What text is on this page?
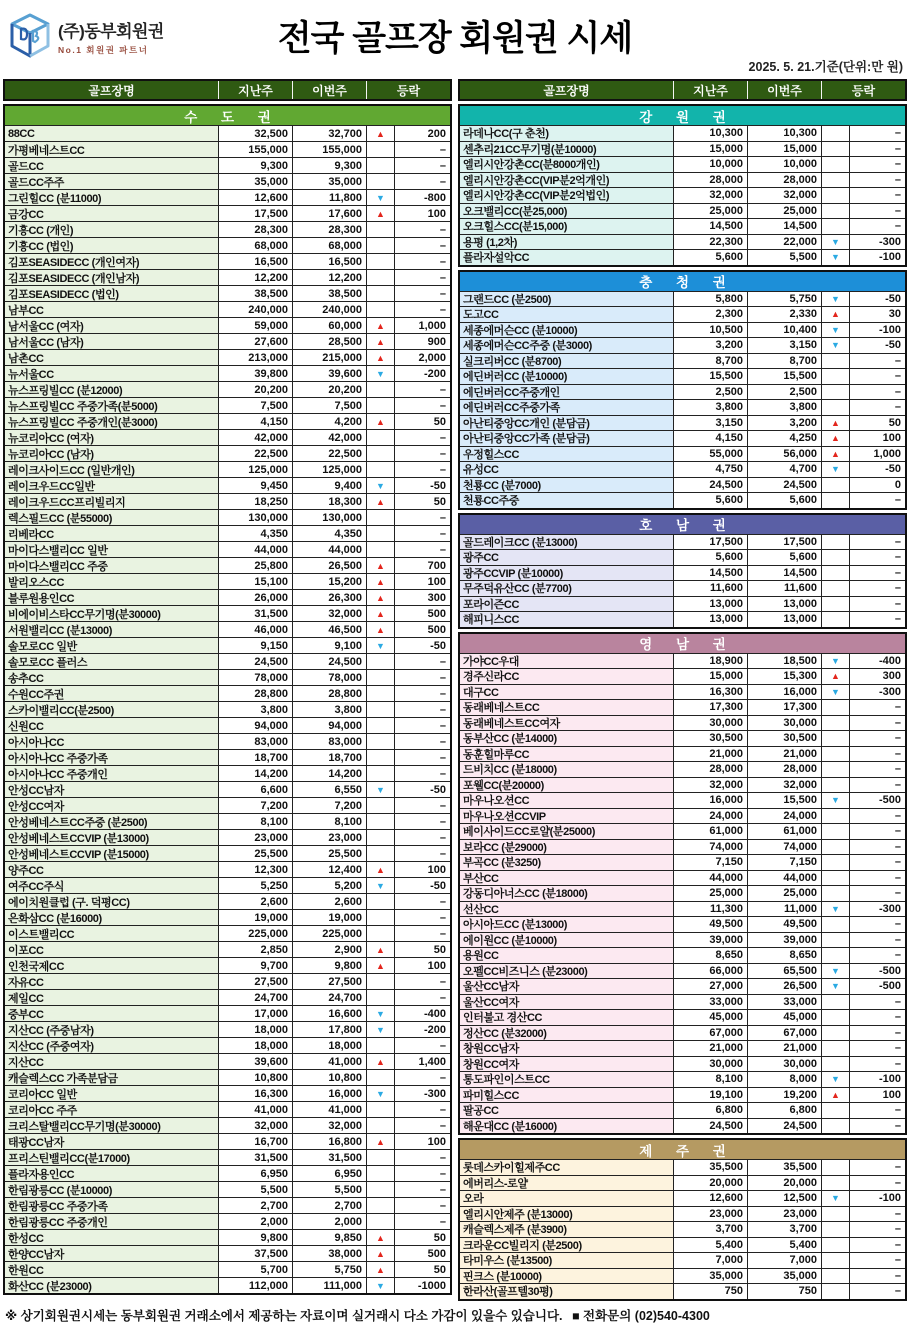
(주)동부회원권
No.1 회원권 파트너	전국 골프장 회원권 시세
2025. 5. 21.기준(단위:만 원)
골프장명	지난주	이번주	등락
수 도 권
88CC	32,500	32,700	▲	200
가평베네스트CC	155,000	155,000	–
골드CC	9,300	9,300	–
골드CC주주	35,000	35,000	–
그린힐CC (분11000)	12,600	11,800	▼	-800
금강CC	17,500	17,600	▲	100
기흥CC (개인)	28,300	28,300	–
기흥CC (법인)	68,000	68,000	–
김포SEASIDECC (개인여자)	16,500	16,500	–
김포SEASIDECC (개인남자)	12,200	12,200	–
김포SEASIDECC (법인)	38,500	38,500	–
남부CC	240,000	240,000	–
남서울CC (여자)	59,000	60,000	▲	1,000
남서울CC (남자)	27,600	28,500	▲	900
남촌CC	213,000	215,000	▲	2,000
뉴서울CC	39,800	39,600	▼	-200
뉴스프링빌CC (분12000)	20,200	20,200	–
뉴스프링빌CC 주중가족(분5000)	7,500	7,500	–
뉴스프링빌CC 주중개인(분3000)	4,150	4,200	▲	50
뉴코리아CC (여자)	42,000	42,000	–
뉴코리아CC (남자)	22,500	22,500	–
레이크사이드CC (일반개인)	125,000	125,000	–
레이크우드CC일반	9,450	9,400	▼	-50
레이크우드CC프리빌리지	18,250	18,300	▲	50
렉스필드CC (분55000)	130,000	130,000	–
리베라CC	4,350	4,350	–
마이다스밸리CC 일반	44,000	44,000	–
마이다스밸리CC 주중	25,800	26,500	▲	700
발리오스CC	15,100	15,200	▲	100
블루원용인CC	26,000	26,300	▲	300
비에이비스타CC무기명(분30000)	31,500	32,000	▲	500
서원밸리CC (분13000)	46,000	46,500	▲	500
솔모로CC 일반	9,150	9,100	▼	-50
솔모로CC 플러스	24,500	24,500	–
송추CC	78,000	78,000	–
수원CC주권	28,800	28,800	–
스카이밸리CC(분2500)	3,800	3,800	–
신원CC	94,000	94,000	–
아시아나CC	83,000	83,000	–
아시아나CC 주중가족	18,700	18,700	–
아시아나CC 주중개인	14,200	14,200	–
안성CC남자	6,600	6,550	▼	-50
안성CC여자	7,200	7,200	–
안성베네스트CC주중 (분2500)	8,100	8,100	–
안성베네스트CCVIP (분13000)	23,000	23,000	–
안성베네스트CCVIP (분15000)	25,500	25,500	–
양주CC	12,300	12,400	▲	100
여주CC주식	5,250	5,200	▼	-50
에이치원클럽 (구. 덕평CC)	2,600	2,600	–
은화삼CC (분16000)	19,000	19,000	–
이스트밸리CC	225,000	225,000	–
이포CC	2,850	2,900	▲	50
인천국제CC	9,700	9,800	▲	100
자유CC	27,500	27,500	–
제일CC	24,700	24,700	–
중부CC	17,000	16,600	▼	-400
지산CC (주중남자)	18,000	17,800	▼	-200
지산CC (주중여자)	18,000	18,000	–
지산CC	39,600	41,000	▲	1,400
캐슬렉스CC 가족분담금	10,800	10,800	–
코리아CC 일반	16,300	16,000	▼	-300
코리아CC 주주	41,000	41,000	–
크리스탈밸리CC무기명(분30000)	32,000	32,000	–
태광CC남자	16,700	16,800	▲	100
프리스틴밸리CC(분17000)	31,500	31,500	–
플라자용인CC	6,950	6,950	–
한림광릉CC (분10000)	5,500	5,500	–
한림광릉CC 주중가족	2,700	2,700	–
한림광릉CC 주중개인	2,000	2,000	–
한성CC	9,800	9,850	▲	50
한양CC남자	37,500	38,000	▲	500
한원CC	5,700	5,750	▲	50
화산CC (분23000)	112,000	111,000	▼	-1000
골프장명	지난주	이번주	등락
강 원 권
라데나CC(구 춘천)	10,300	10,300	–
센추리21CC무기명(분10000)	15,000	15,000	–
엘리시안강촌CC(분8000개인)	10,000	10,000	–
엘리시안강촌CC(VIP분2억개인)	28,000	28,000	–
엘리시안강촌CC(VIP분2억법인)	32,000	32,000	–
오크밸리CC(분25,000)	25,000	25,000	–
오크힐스CC(분15,000)	14,500	14,500	–
용평 (1,2차)	22,300	22,000	▼	-300
플라자설악CC	5,600	5,500	▼	-100
충 청 권
그랜드CC (분2500)	5,800	5,750	▼	-50
도고CC	2,300	2,330	▲	30
세종에머슨CC (분10000)	10,500	10,400	▼	-100
세종에머슨CC주중 (분3000)	3,200	3,150	▼	-50
실크리버CC (분8700)	8,700	8,700	–
에딘버러CC (분10000)	15,500	15,500	–
에딘버러CC주중개인	2,500	2,500	–
에딘버러CC주중가족	3,800	3,800	–
아난티중앙CC개인 (분담금)	3,150	3,200	▲	50
아난티중앙CC가족 (분담금)	4,150	4,250	▲	100
우정힐스CC	55,000	56,000	▲	1,000
유성CC	4,750	4,700	▼	-50
천룡CC (분7000)	24,500	24,500	0
천룡CC주중	5,600	5,600	–
호 남 권
골드레이크CC (분13000)	17,500	17,500	–
광주CC	5,600	5,600	–
광주CCVIP (분10000)	14,500	14,500	–
무주덕유산CC (분7700)	11,600	11,600	–
포라이즌CC	13,000	13,000	–
해피니스CC	13,000	13,000	–
영 남 권
가야CC우대	18,900	18,500	▼	-400
경주신라CC	15,000	15,300	▲	300
대구CC	16,300	16,000	▼	-300
동래베네스트CC	17,300	17,300	–
동래베네스트CC여자	30,000	30,000	–
동부산CC (분14000)	30,500	30,500	–
동훈힐마루CC	21,000	21,000	–
드비치CC (분18000)	28,000	28,000	–
포웰CC(분20000)	32,000	32,000	–
마우나오션CC	16,000	15,500	▼	-500
마우나오션CCVIP	24,000	24,000	–
베이사이드CC로얄(분25000)	61,000	61,000	–
보라CC (분29000)	74,000	74,000	–
부곡CC (분3250)	7,150	7,150	–
부산CC	44,000	44,000	–
강동디아너스CC (분18000)	25,000	25,000	–
선산CC	11,300	11,000	▼	-300
아시아드CC (분13000)	49,500	49,500	–
에이원CC (분10000)	39,000	39,000	–
용원CC	8,650	8,650	–
오펠CC비즈니스 (분23000)	66,000	65,500	▼	-500
울산CC남자	27,000	26,500	▼	-500
울산CC여자	33,000	33,000	–
인터불고 경산CC	45,000	45,000	–
정산CC (분32000)	67,000	67,000	–
창원CC남자	21,000	21,000	–
창원CC여자	30,000	30,000	–
통도파인이스트CC	8,100	8,000	▼	-100
파미힐스CC	19,100	19,200	▲	100
팔공CC	6,800	6,800	–
해운대CC (분16000)	24,500	24,500	–
제 주 권
롯데스카이힐제주CC	35,500	35,500	–
에버리스-로얄	20,000	20,000	–
오라	12,600	12,500	▼	-100
엘리시안제주 (분13000)	23,000	23,000	–
캐슬렉스제주 (분3900)	3,700	3,700	–
크라운CC빌리지 (분2500)	5,400	5,400	–
타미우스 (분13500)	7,000	7,000	–
핀크스 (분10000)	35,000	35,000	–
한라산(골프텔30평)	750	750	–
※ 상기회원권시세는 동부회원권 거래소에서 제공하는 자료이며 실거래시 다소 가감이 있을수 있습니다. ■ 전화문의 (02)540-4300
